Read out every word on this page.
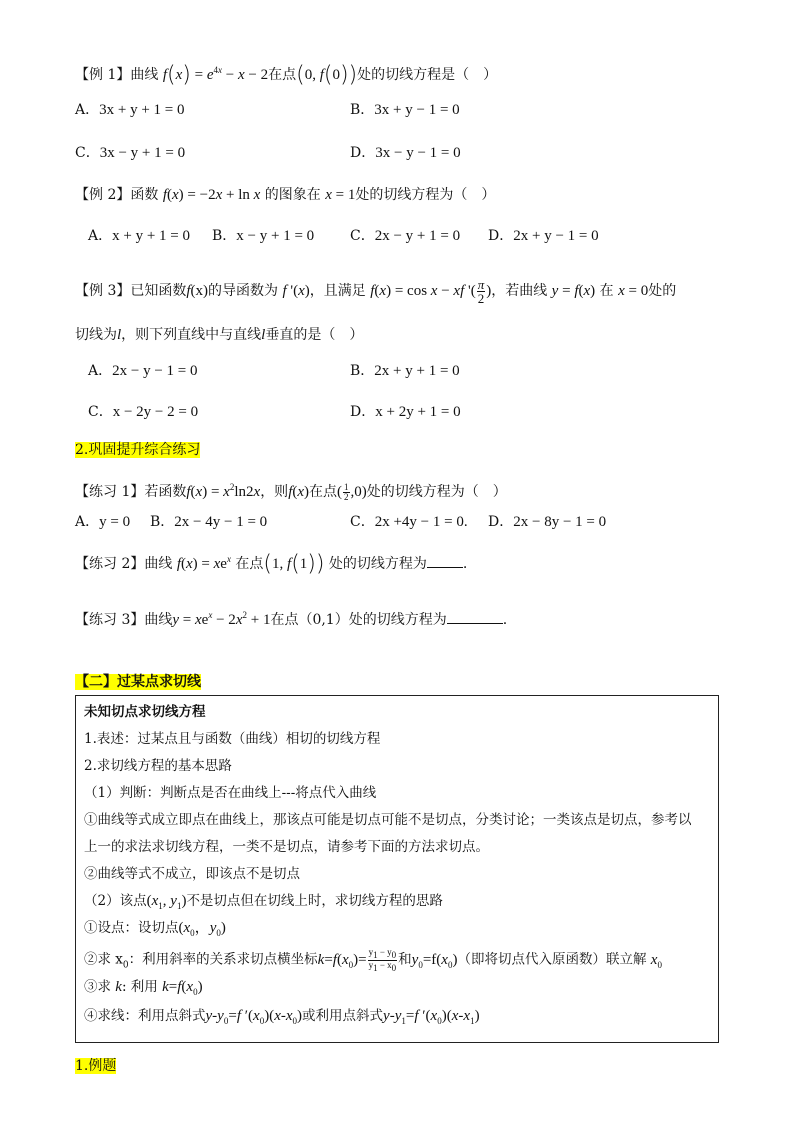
【例 1】曲线 $f(x) = e^{4x} - x - 2$在点(0, f(0))处的切线方程是（　）
A．3x + y + 1 = 0	B．3x + y − 1 = 0
C．3x − y + 1 = 0	D．3x − y − 1 = 0
【例 2】函数 f(x) = −2x + ln x 的图象在 x = 1处的切线方程为（　）
A．x + y + 1 = 0 B．x − y + 1 = 0	C．2x − y + 1 = 0 D．2x + y − 1 = 0
【例 3】已知函数f(x)的导函数为 f '(x)，且满足 f(x) = cos x − xf '( $\frac{\pi}{2}$ )，若曲线 y = f(x) 在 x = 0处的
切线为l，则下列直线中与直线l垂直的是（　）
A．2x − y − 1 = 0	B．2x + y + 1 = 0
C．x − 2y − 2 = 0	D．x + 2y + 1 = 0
2.巩固提升综合练习
【练习 1】若函数$f(x) = x^2\ln 2x$，则f(x)在点( $\frac{1}{2} ,0$)处的切线方程为（　）
A．y = 0 B．2x − 4y − 1 = 0	C．2x +4y − 1 = 0. D．2x − 8y − 1 = 0
【练习 2】曲线 $f(x) = xe^x$ 在点(1, f(1)) 处的切线方程为	.
【练习 3】曲线$y = xe^x - 2x^2 + 1$在点（0,1）处的切线方程为	.
【二】过某点求切线
未知切点求切线方程
1.表述：过某点且与函数（曲线）相切的切线方程
2.求切线方程的基本思路
（1）判断：判断点是否在曲线上---将点代入曲线
①曲线等式成立即点在曲线上，那该点可能是切点可能不是切点，分类讨论；一类该点是切点，参考以
上一的求法求切线方程，一类不是切点，请参考下面的方法求切点。
②曲线等式不成立，即该点不是切点
（2）该点($x_1$, $y_1$)不是切点但在切线上时，求切线方程的思路
①设点：设切点($x_0$，$y_0$)
②求 $x_0$：利用斜率的关系求切点横坐标$k=f(x_0)= \frac{y_1 - y_0}{y_1 - x_0}$ 和$y_0=f(x_0)$（即将切点代入原函数）联立解 $x_0$
③求 k: 利用 $k=f(x_0)$
④求线：利用点斜式$y-y_0=f$ $'(x_0)(x-x_0)$或利用点斜式$y-y_1=f$ $'(x_0)(x-x_1)$
1.例题
